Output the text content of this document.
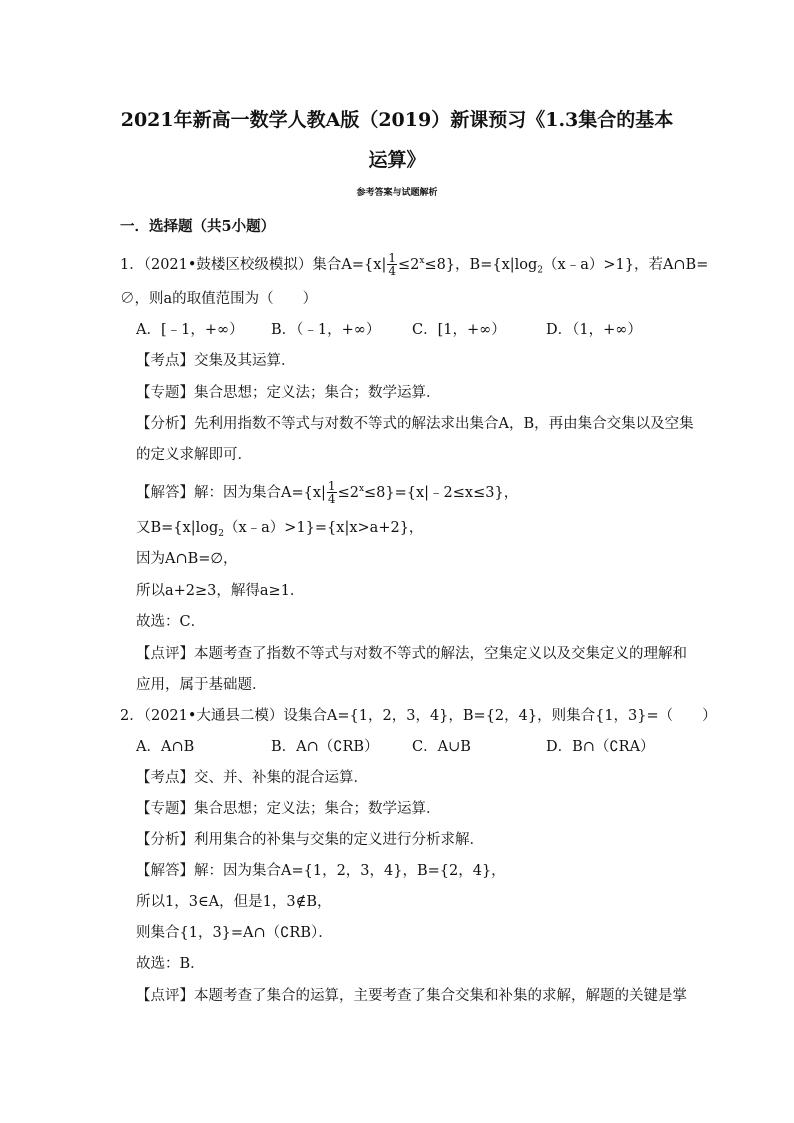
2021年新高一数学人教A版（2019）新课预习《1.3集合的基本
运算》
参考答案与试题解析
一．选择题（共5小题）
1．（2021•鼓楼区校级模拟）集合$A=\{x| \frac{1}{4} \le 2^x\le 8\}$，$B=\{x|\log_2(x﹣a)>1\}$，若A∩B=
∅，则a的取值范围为（　　）
A．[﹣1，+∞） B．（﹣1，+∞） C．[1，+∞）	D．（1，+∞）
【考点】交集及其运算．
【专题】集合思想；定义法；集合；数学运算．
【分析】先利用指数不等式与对数不等式的解法求出集合A，B，再由集合交集以及空集
的定义求解即可．
【解答】解：因为集合$A=\{x| \frac{1}{4}$ $\le 2^x\le 8\}=\{x|﹣2\le x\le 3\}$，
又$B=\{x|\log_2(x﹣a)>1\}=\{x|x>a+2\}$，
因为A∩B=∅，
所以a+2≥3，解得a≥1．
故选：C．
【点评】本题考查了指数不等式与对数不等式的解法，空集定义以及交集定义的理解和
应用，属于基础题．
2．（2021•大通县二模）设集合A={1，2，3，4}，B={2，4}，则集合{1，3}=（　　）
A．A∩B	B．A∩（∁RB） C．A∪B	D．B∩（∁RA）
【考点】交、并、补集的混合运算．
【专题】集合思想；定义法；集合；数学运算．
【分析】利用集合的补集与交集的定义进行分析求解．
【解答】解：因为集合A={1，2，3，4}，B={2，4}，
所以1，3∈A，但是1，3∉B，
则集合{1，3}=A∩（∁RB）．
故选：B．
【点评】本题考查了集合的运算，主要考查了集合交集和补集的求解，解题的关键是掌
